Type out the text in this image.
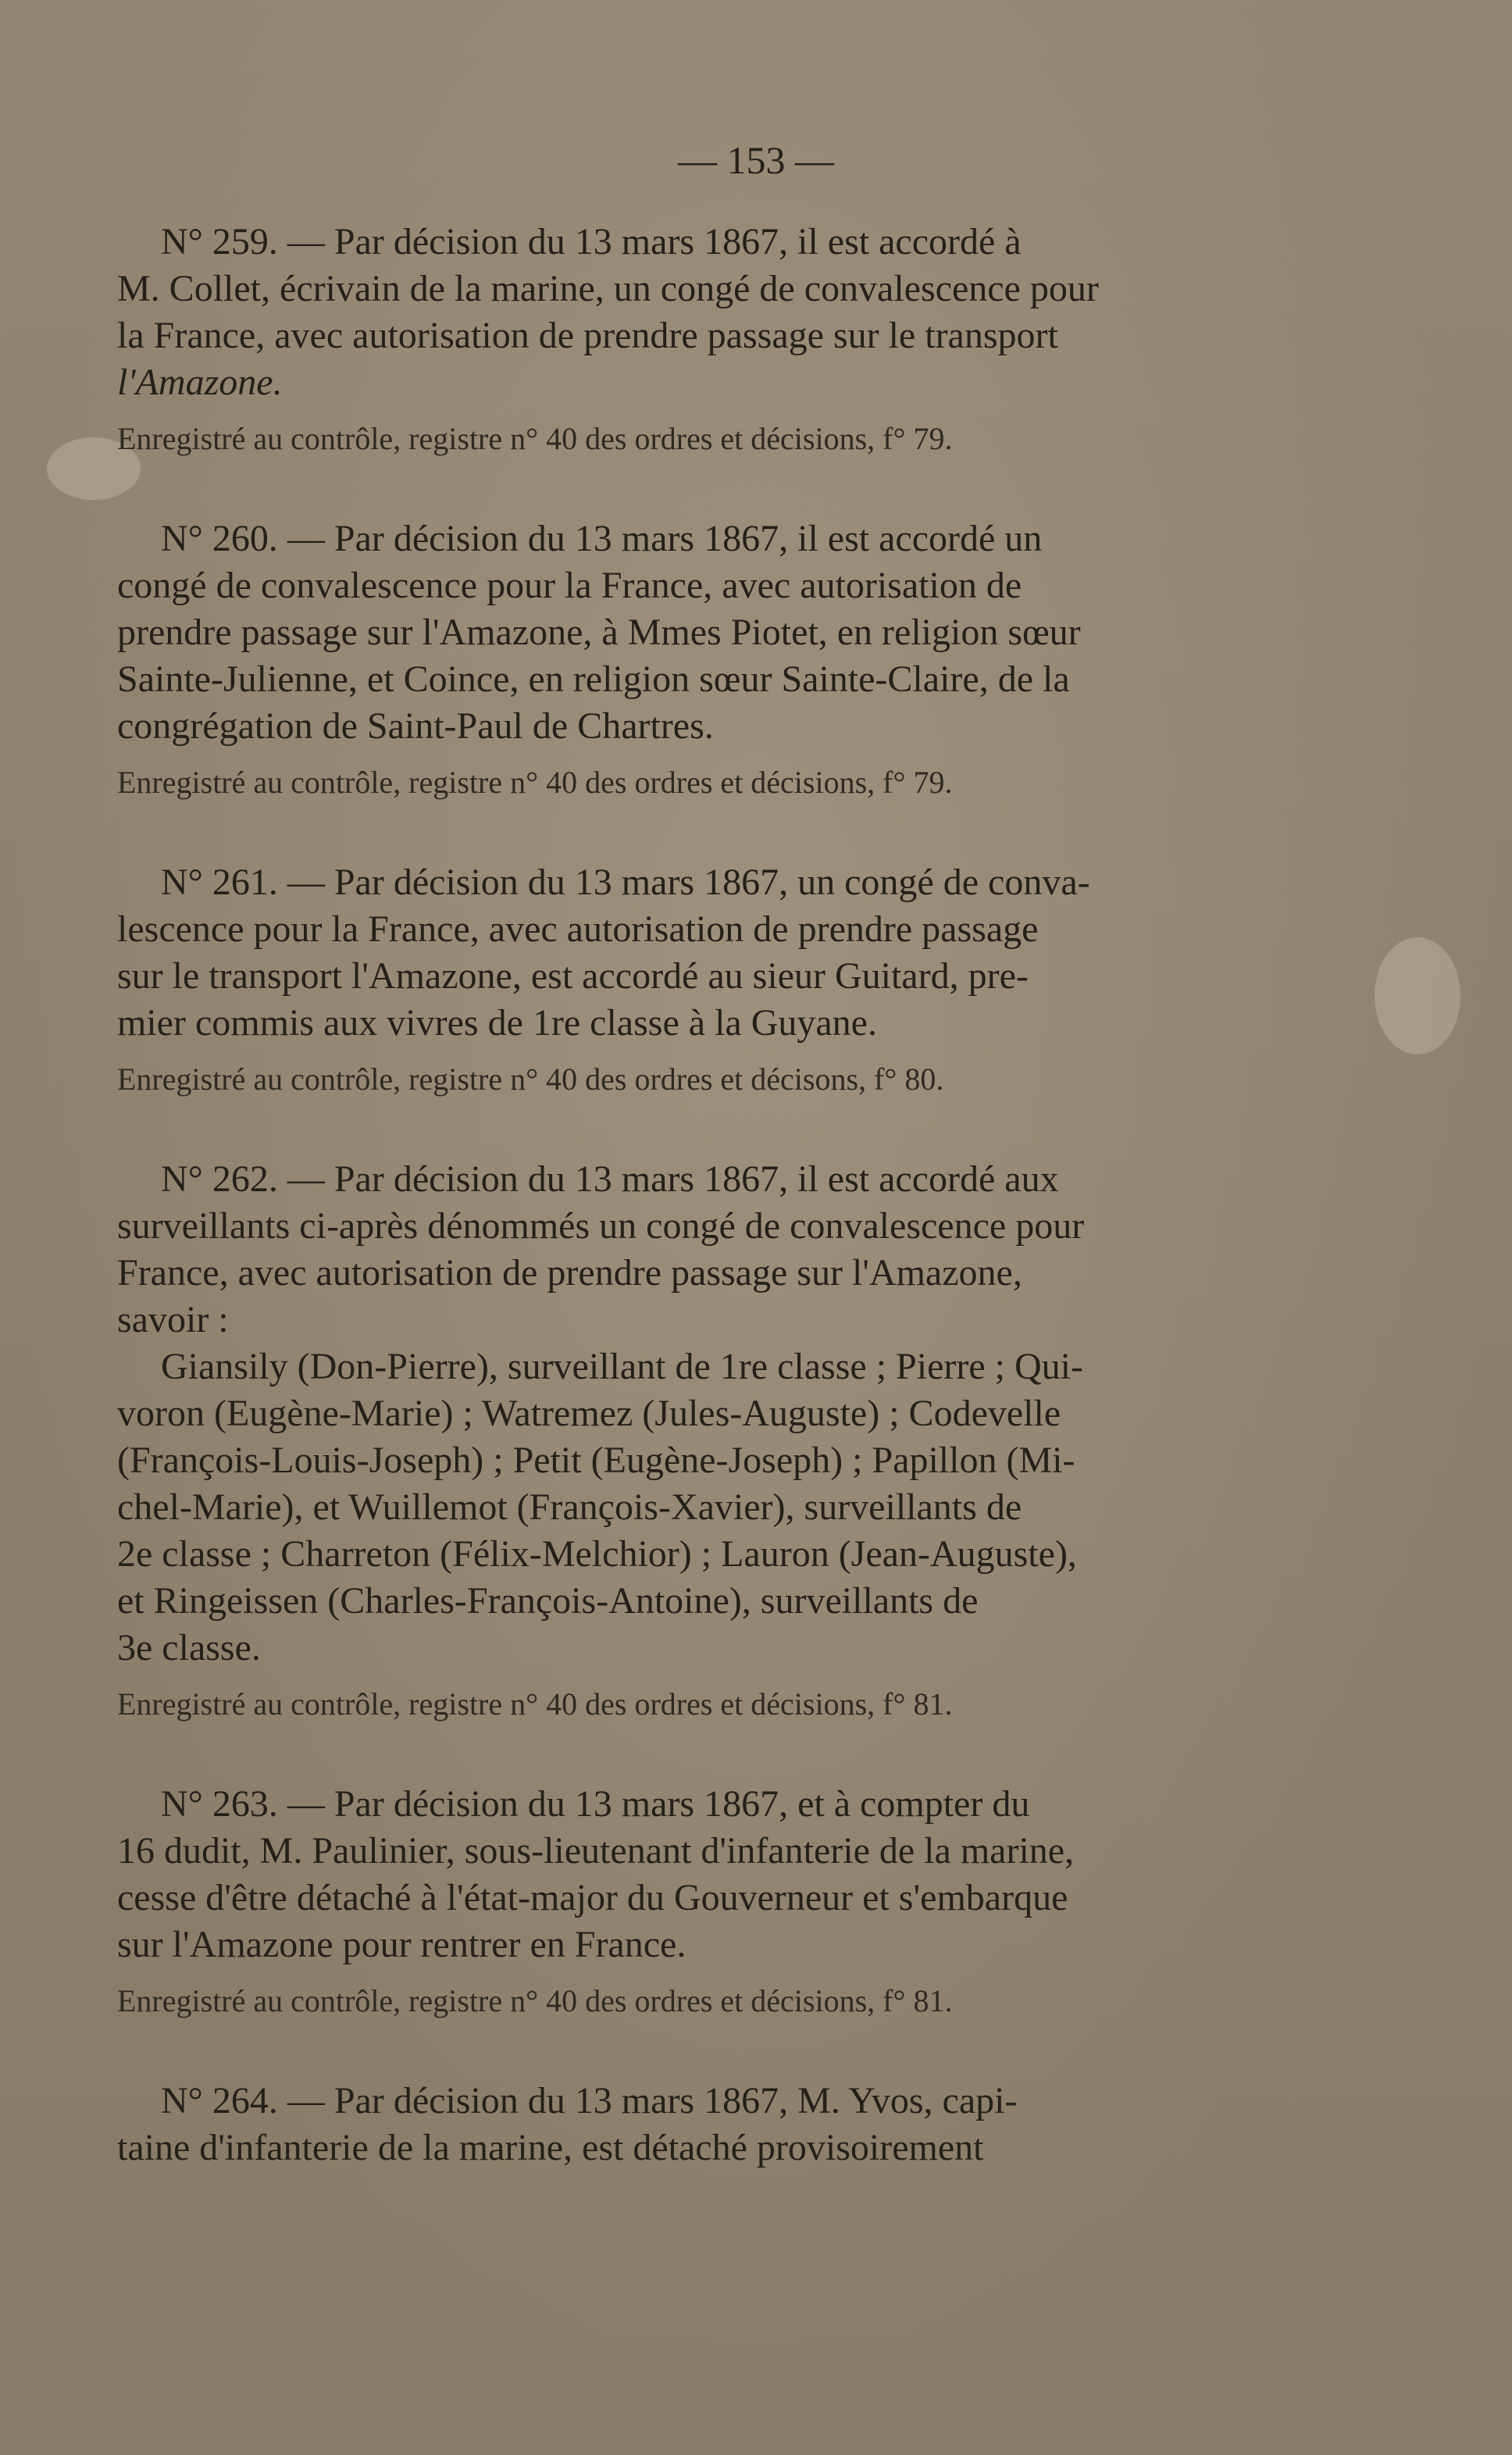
— 153 —

N° 259. — Par décision du 13 mars 1867, il est accordé à
M. Collet, écrivain de la marine, un congé de convalescence pour
la France, avec autorisation de prendre passage sur le transport
l'Amazone.

Enregistré au contrôle, registre n° 40 des ordres et décisions, f° 79.

N° 260. — Par décision du 13 mars 1867, il est accordé un
congé de convalescence pour la France, avec autorisation de
prendre passage sur l'Amazone, à Mmes Piotet, en religion sœur
Sainte-Julienne, et Coince, en religion sœur Sainte-Claire, de la
congrégation de Saint-Paul de Chartres.

Enregistré au contrôle, registre n° 40 des ordres et décisions, f° 79.

N° 261. — Par décision du 13 mars 1867, un congé de conva-
lescence pour la France, avec autorisation de prendre passage
sur le transport l'Amazone, est accordé au sieur Guitard, pre-
mier commis aux vivres de 1re classe à la Guyane.

Enregistré au contrôle, registre n° 40 des ordres et décisons, f° 80.

N° 262. — Par décision du 13 mars 1867, il est accordé aux
surveillants ci-après dénommés un congé de convalescence pour
France, avec autorisation de prendre passage sur l'Amazone,
savoir :

Giansily (Don-Pierre), surveillant de 1re classe ; Pierre ; Qui-
voron (Eugène-Marie) ; Watremez (Jules-Auguste) ; Codevelle
(François-Louis-Joseph) ; Petit (Eugène-Joseph) ; Papillon (Mi-
chel-Marie), et Wuillemot (François-Xavier), surveillants de
2e classe ; Charreton (Félix-Melchior) ; Lauron (Jean-Auguste),
et Ringeissen (Charles-François-Antoine), surveillants de
3e classe.

Enregistré au contrôle, registre n° 40 des ordres et décisions, f° 81.

N° 263. — Par décision du 13 mars 1867, et à compter du
16 dudit, M. Paulinier, sous-lieutenant d'infanterie de la marine,
cesse d'être détaché à l'état-major du Gouverneur et s'embarque
sur l'Amazone pour rentrer en France.

Enregistré au contrôle, registre n° 40 des ordres et décisions, f° 81.

N° 264. — Par décision du 13 mars 1867, M. Yvos, capi-
taine d'infanterie de la marine, est détaché provisoirement
